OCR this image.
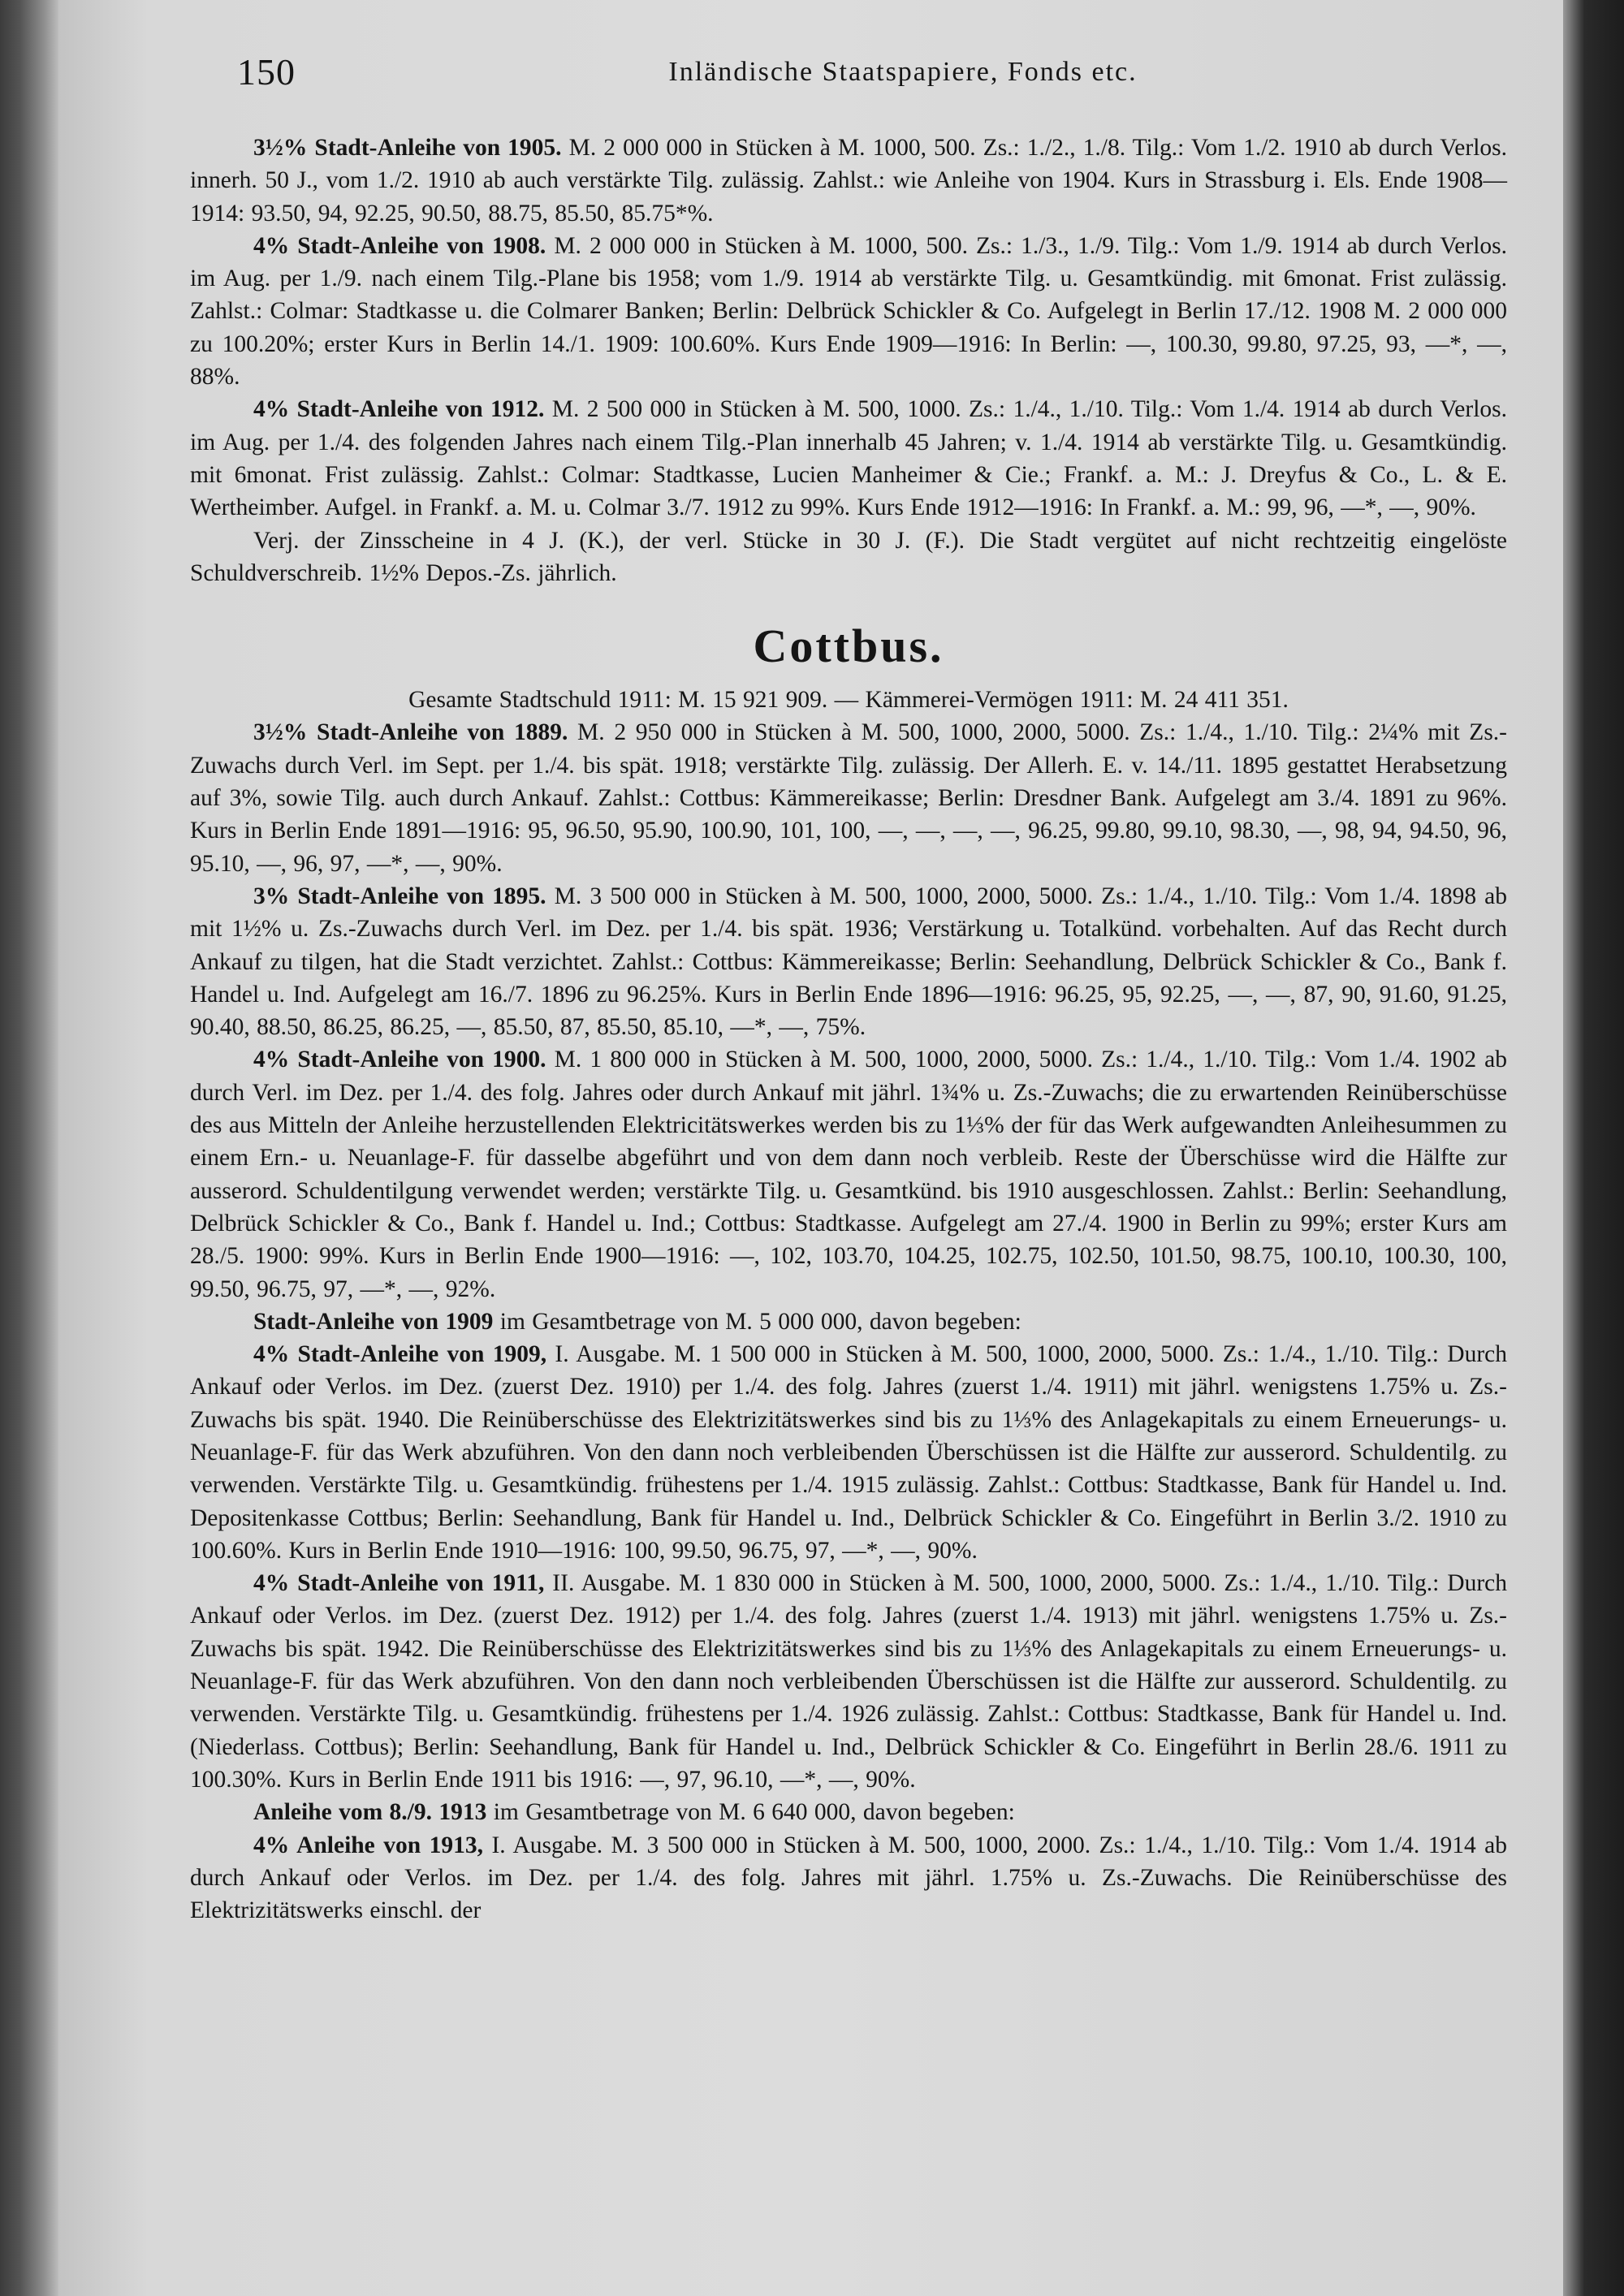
150	Inländische Staatspapiere, Fonds etc.

3½% Stadt-Anleihe von 1905. M. 2 000 000 in Stücken à M. 1000, 500. Zs.: 1./2., 1./8. Tilg.: Vom 1./2. 1910 ab durch Verlos. innerh. 50 J., vom 1./2. 1910 ab auch verstärkte Tilg. zulässig. Zahlst.: wie Anleihe von 1904. Kurs in Strassburg i. Els. Ende 1908—1914: 93.50, 94, 92.25, 90.50, 88.75, 85.50, 85.75*%.

4% Stadt-Anleihe von 1908. M. 2 000 000 in Stücken à M. 1000, 500. Zs.: 1./3., 1./9. Tilg.: Vom 1./9. 1914 ab durch Verlos. im Aug. per 1./9. nach einem Tilg.-Plane bis 1958; vom 1./9. 1914 ab verstärkte Tilg. u. Gesamtkündig. mit 6monat. Frist zulässig. Zahlst.: Colmar: Stadtkasse u. die Colmarer Banken; Berlin: Delbrück Schickler & Co. Aufgelegt in Berlin 17./12. 1908 M. 2 000 000 zu 100.20%; erster Kurs in Berlin 14./1. 1909: 100.60%. Kurs Ende 1909—1916: In Berlin: —, 100.30, 99.80, 97.25, 93, —*, —, 88%.

4% Stadt-Anleihe von 1912. M. 2 500 000 in Stücken à M. 500, 1000. Zs.: 1./4., 1./10. Tilg.: Vom 1./4. 1914 ab durch Verlos. im Aug. per 1./4. des folgenden Jahres nach einem Tilg.-Plan innerhalb 45 Jahren; v. 1./4. 1914 ab verstärkte Tilg. u. Gesamtkündig. mit 6monat. Frist zulässig. Zahlst.: Colmar: Stadtkasse, Lucien Manheimer & Cie.; Frankf. a. M.: J. Dreyfus & Co., L. & E. Wertheimber. Aufgel. in Frankf. a. M. u. Colmar 3./7. 1912 zu 99%. Kurs Ende 1912—1916: In Frankf. a. M.: 99, 96, —*, —, 90%.

Verj. der Zinsscheine in 4 J. (K.), der verl. Stücke in 30 J. (F.). Die Stadt vergütet auf nicht rechtzeitig eingelöste Schuldverschreib. 1½% Depos.-Zs. jährlich.

Cottbus.

Gesamte Stadtschuld 1911: M. 15 921 909. — Kämmerei-Vermögen 1911: M. 24 411 351.

3½% Stadt-Anleihe von 1889. M. 2 950 000 in Stücken à M. 500, 1000, 2000, 5000. Zs.: 1./4., 1./10. Tilg.: 2¼% mit Zs.-Zuwachs durch Verl. im Sept. per 1./4. bis spät. 1918; verstärkte Tilg. zulässig. Der Allerh. E. v. 14./11. 1895 gestattet Herabsetzung auf 3%, sowie Tilg. auch durch Ankauf. Zahlst.: Cottbus: Kämmereikasse; Berlin: Dresdner Bank. Aufgelegt am 3./4. 1891 zu 96%. Kurs in Berlin Ende 1891—1916: 95, 96.50, 95.90, 100.90, 101, 100, —, —, —, —, 96.25, 99.80, 99.10, 98.30, —, 98, 94, 94.50, 96, 95.10, —, 96, 97, —*, —, 90%.

3% Stadt-Anleihe von 1895. M. 3 500 000 in Stücken à M. 500, 1000, 2000, 5000. Zs.: 1./4., 1./10. Tilg.: Vom 1./4. 1898 ab mit 1½% u. Zs.-Zuwachs durch Verl. im Dez. per 1./4. bis spät. 1936; Verstärkung u. Totalkünd. vorbehalten. Auf das Recht durch Ankauf zu tilgen, hat die Stadt verzichtet. Zahlst.: Cottbus: Kämmereikasse; Berlin: Seehandlung, Delbrück Schickler & Co., Bank f. Handel u. Ind. Aufgelegt am 16./7. 1896 zu 96.25%. Kurs in Berlin Ende 1896—1916: 96.25, 95, 92.25, —, —, 87, 90, 91.60, 91.25, 90.40, 88.50, 86.25, 86.25, —, 85.50, 87, 85.50, 85.10, —*, —, 75%.

4% Stadt-Anleihe von 1900. M. 1 800 000 in Stücken à M. 500, 1000, 2000, 5000. Zs.: 1./4., 1./10. Tilg.: Vom 1./4. 1902 ab durch Verl. im Dez. per 1./4. des folg. Jahres oder durch Ankauf mit jährl. 1¾% u. Zs.-Zuwachs; die zu erwartenden Reinüberschüsse des aus Mitteln der Anleihe herzustellenden Elektricitätswerkes werden bis zu 1⅓% der für das Werk aufgewandten Anleihesummen zu einem Ern.- u. Neuanlage-F. für dasselbe abgeführt und von dem dann noch verbleib. Reste der Überschüsse wird die Hälfte zur ausserord. Schuldentilgung verwendet werden; verstärkte Tilg. u. Gesamtkünd. bis 1910 ausgeschlossen. Zahlst.: Berlin: Seehandlung, Delbrück Schickler & Co., Bank f. Handel u. Ind.; Cottbus: Stadtkasse. Aufgelegt am 27./4. 1900 in Berlin zu 99%; erster Kurs am 28./5. 1900: 99%. Kurs in Berlin Ende 1900—1916: —, 102, 103.70, 104.25, 102.75, 102.50, 101.50, 98.75, 100.10, 100.30, 100, 99.50, 96.75, 97, —*, —, 92%.

Stadt-Anleihe von 1909 im Gesamtbetrage von M. 5 000 000, davon begeben:

4% Stadt-Anleihe von 1909, I. Ausgabe. M. 1 500 000 in Stücken à M. 500, 1000, 2000, 5000. Zs.: 1./4., 1./10. Tilg.: Durch Ankauf oder Verlos. im Dez. (zuerst Dez. 1910) per 1./4. des folg. Jahres (zuerst 1./4. 1911) mit jährl. wenigstens 1.75% u. Zs.-Zuwachs bis spät. 1940. Die Reinüberschüsse des Elektrizitätswerkes sind bis zu 1⅓% des Anlagekapitals zu einem Erneuerungs- u. Neuanlage-F. für das Werk abzuführen. Von den dann noch verbleibenden Überschüssen ist die Hälfte zur ausserord. Schuldentilg. zu verwenden. Verstärkte Tilg. u. Gesamtkündig. frühestens per 1./4. 1915 zulässig. Zahlst.: Cottbus: Stadtkasse, Bank für Handel u. Ind. Depositenkasse Cottbus; Berlin: Seehandlung, Bank für Handel u. Ind., Delbrück Schickler & Co. Eingeführt in Berlin 3./2. 1910 zu 100.60%. Kurs in Berlin Ende 1910—1916: 100, 99.50, 96.75, 97, —*, —, 90%.

4% Stadt-Anleihe von 1911, II. Ausgabe. M. 1 830 000 in Stücken à M. 500, 1000, 2000, 5000. Zs.: 1./4., 1./10. Tilg.: Durch Ankauf oder Verlos. im Dez. (zuerst Dez. 1912) per 1./4. des folg. Jahres (zuerst 1./4. 1913) mit jährl. wenigstens 1.75% u. Zs.-Zuwachs bis spät. 1942. Die Reinüberschüsse des Elektrizitätswerkes sind bis zu 1⅓% des Anlagekapitals zu einem Erneuerungs- u. Neuanlage-F. für das Werk abzuführen. Von den dann noch verbleibenden Überschüssen ist die Hälfte zur ausserord. Schuldentilg. zu verwenden. Verstärkte Tilg. u. Gesamtkündig. frühestens per 1./4. 1926 zulässig. Zahlst.: Cottbus: Stadtkasse, Bank für Handel u. Ind. (Niederlass. Cottbus); Berlin: Seehandlung, Bank für Handel u. Ind., Delbrück Schickler & Co. Eingeführt in Berlin 28./6. 1911 zu 100.30%. Kurs in Berlin Ende 1911 bis 1916: —, 97, 96.10, —*, —, 90%.

Anleihe vom 8./9. 1913 im Gesamtbetrage von M. 6 640 000, davon begeben:

4% Anleihe von 1913, I. Ausgabe. M. 3 500 000 in Stücken à M. 500, 1000, 2000. Zs.: 1./4., 1./10. Tilg.: Vom 1./4. 1914 ab durch Ankauf oder Verlos. im Dez. per 1./4. des folg. Jahres mit jährl. 1.75% u. Zs.-Zuwachs. Die Reinüberschüsse des Elektrizitätswerks einschl. der
